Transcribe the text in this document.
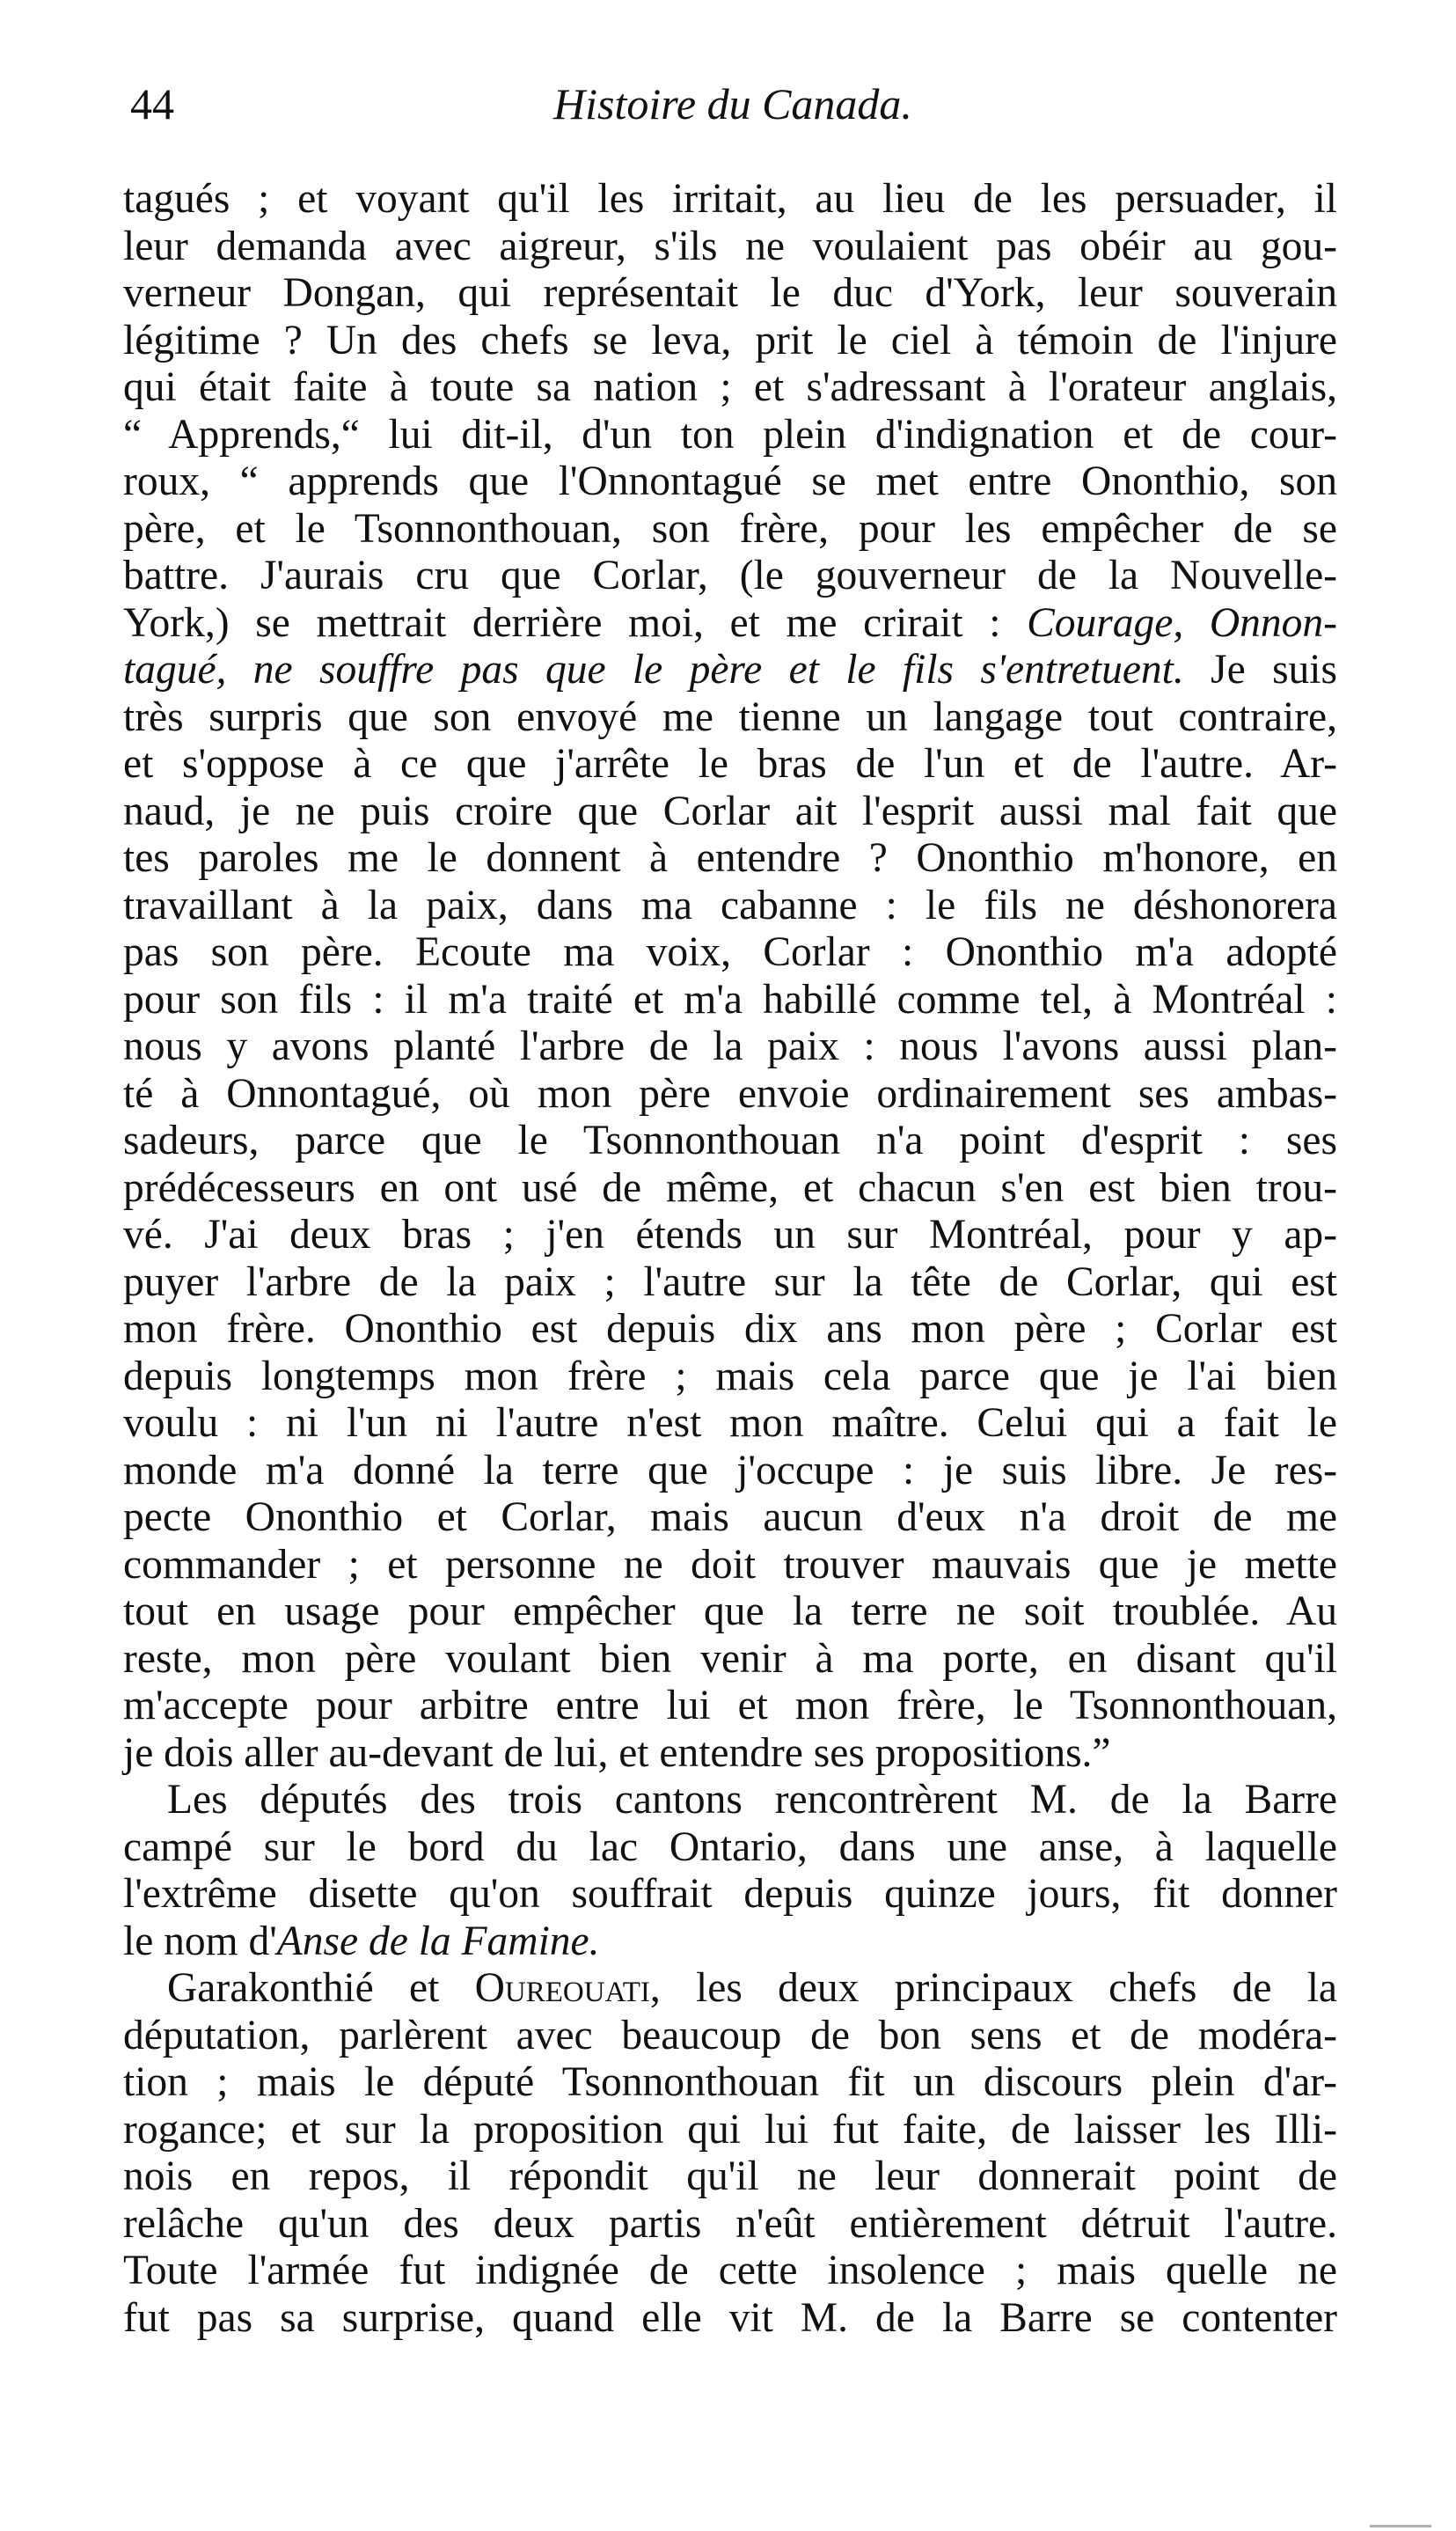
44	Histoire du Canada.
tagués ; et voyant qu'il les irritait, au lieu de les persuader, il
leur demanda avec aigreur, s'ils ne voulaient pas obéir au gou-
verneur Dongan, qui représentait le duc d'York, leur souverain
légitime ? Un des chefs se leva, prit le ciel à témoin de l'injure
qui était faite à toute sa nation ; et s'adressant à l'orateur anglais,
“ Apprends,“ lui dit-il, d'un ton plein d'indignation et de cour-
roux, “ apprends que l'Onnontagué se met entre Ononthio, son
père, et le Tsonnonthouan, son frère, pour les empêcher de se
battre. J'aurais cru que Corlar, (le gouverneur de la Nouvelle-
York,) se mettrait derrière moi, et me crirait : Courage, Onnon-
tagué, ne souffre pas que le père et le fils s'entretuent. Je suis
très surpris que son envoyé me tienne un langage tout contraire,
et s'oppose à ce que j'arrête le bras de l'un et de l'autre. Ar-
naud, je ne puis croire que Corlar ait l'esprit aussi mal fait que
tes paroles me le donnent à entendre ? Ononthio m'honore, en
travaillant à la paix, dans ma cabanne : le fils ne déshonorera
pas son père. Ecoute ma voix, Corlar : Ononthio m'a adopté
pour son fils : il m'a traité et m'a habillé comme tel, à Montréal :
nous y avons planté l'arbre de la paix : nous l'avons aussi plan-
té à Onnontagué, où mon père envoie ordinairement ses ambas-
sadeurs, parce que le Tsonnonthouan n'a point d'esprit : ses
prédécesseurs en ont usé de même, et chacun s'en est bien trou-
vé. J'ai deux bras ; j'en étends un sur Montréal, pour y ap-
puyer l'arbre de la paix ; l'autre sur la tête de Corlar, qui est
mon frère. Ononthio est depuis dix ans mon père ; Corlar est
depuis longtemps mon frère ; mais cela parce que je l'ai bien
voulu : ni l'un ni l'autre n'est mon maître. Celui qui a fait le
monde m'a donné la terre que j'occupe : je suis libre. Je res-
pecte Ononthio et Corlar, mais aucun d'eux n'a droit de me
commander ; et personne ne doit trouver mauvais que je mette
tout en usage pour empêcher que la terre ne soit troublée. Au
reste, mon père voulant bien venir à ma porte, en disant qu'il
m'accepte pour arbitre entre lui et mon frère, le Tsonnonthouan,
je dois aller au-devant de lui, et entendre ses propositions.”
Les députés des trois cantons rencontrèrent M. de la Barre
campé sur le bord du lac Ontario, dans une anse, à laquelle
l'extrême disette qu'on souffrait depuis quinze jours, fit donner
le nom d'Anse de la Famine.
Garakonthié et Oureouati, les deux principaux chefs de la
députation, parlèrent avec beaucoup de bon sens et de modéra-
tion ; mais le député Tsonnonthouan fit un discours plein d'ar-
rogance; et sur la proposition qui lui fut faite, de laisser les Illi-
nois en repos, il répondit qu'il ne leur donnerait point de
relâche qu'un des deux partis n'eût entièrement détruit l'autre.
Toute l'armée fut indignée de cette insolence ; mais quelle ne
fut pas sa surprise, quand elle vit M. de la Barre se contenter
